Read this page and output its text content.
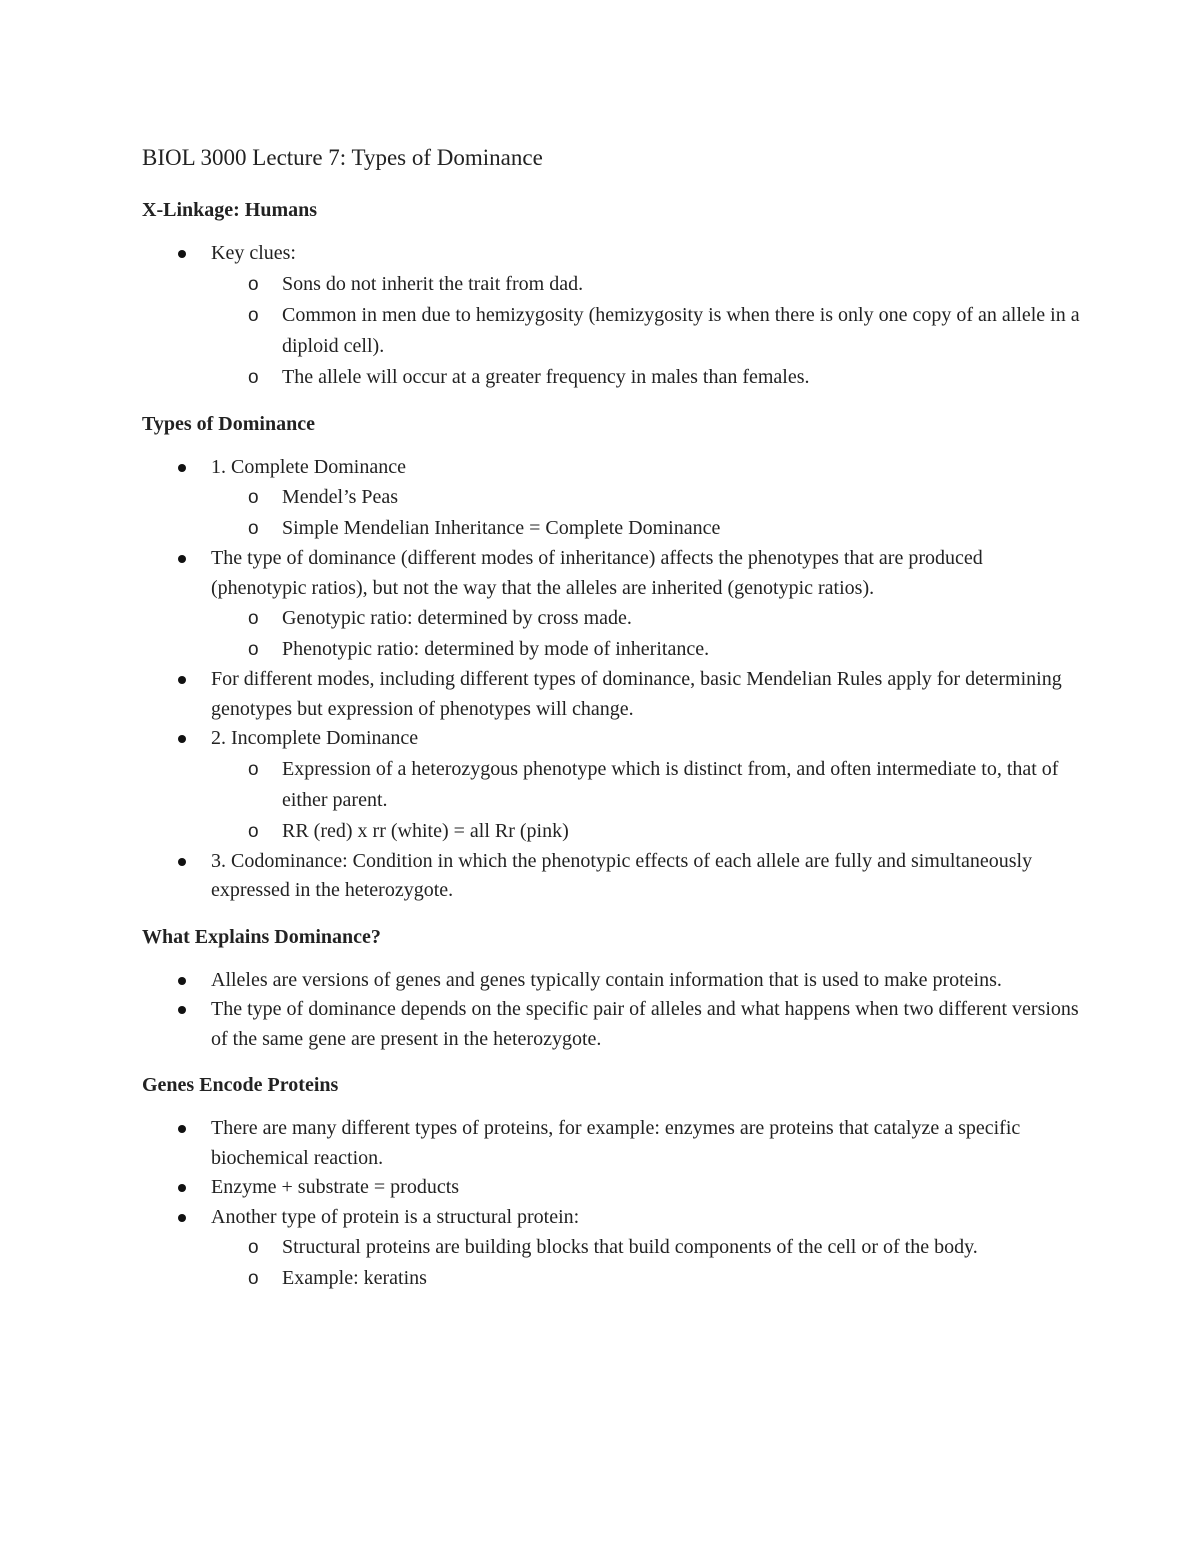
BIOL 3000 Lecture 7: Types of Dominance
X-Linkage: Humans
Key clues:
o Sons do not inherit the trait from dad.
o Common in men due to hemizygosity (hemizygosity is when there is only one copy of an allele in a diploid cell).
o The allele will occur at a greater frequency in males than females.
Types of Dominance
1. Complete Dominance
o Mendel’s Peas
o Simple Mendelian Inheritance = Complete Dominance
The type of dominance (different modes of inheritance) affects the phenotypes that are produced (phenotypic ratios), but not the way that the alleles are inherited (genotypic ratios).
o Genotypic ratio: determined by cross made.
o Phenotypic ratio: determined by mode of inheritance.
For different modes, including different types of dominance, basic Mendelian Rules apply for determining genotypes but expression of phenotypes will change.
2. Incomplete Dominance
o Expression of a heterozygous phenotype which is distinct from, and often intermediate to, that of either parent.
o RR (red) x rr (white) = all Rr (pink)
3. Codominance: Condition in which the phenotypic effects of each allele are fully and simultaneously expressed in the heterozygote.
What Explains Dominance?
Alleles are versions of genes and genes typically contain information that is used to make proteins.
The type of dominance depends on the specific pair of alleles and what happens when two different versions of the same gene are present in the heterozygote.
Genes Encode Proteins
There are many different types of proteins, for example: enzymes are proteins that catalyze a specific biochemical reaction.
Enzyme + substrate = products
Another type of protein is a structural protein:
o Structural proteins are building blocks that build components of the cell or of the body.
o Example: keratins
